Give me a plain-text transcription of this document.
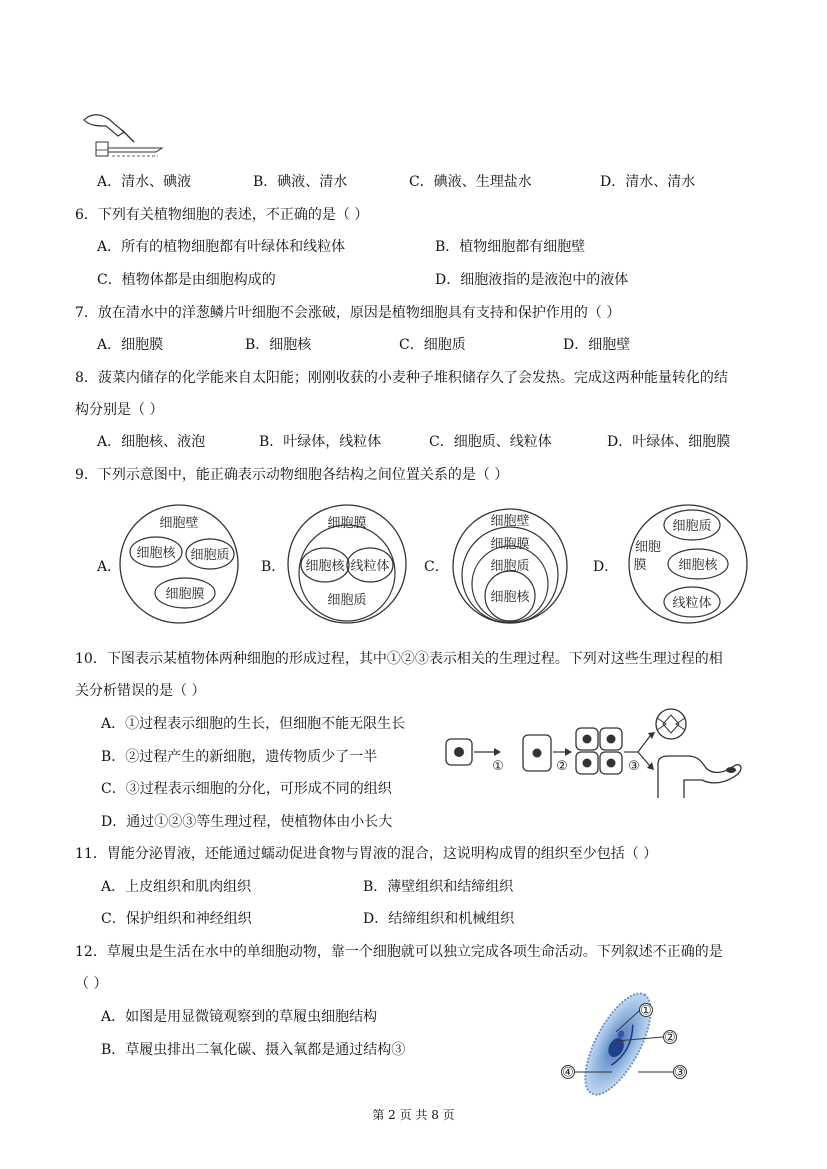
A．清水、碘液	B．碘液、清水	C．碘液、生理盐水	D．清水、清水
6．下列有关植物细胞的表述，不正确的是（ ）
A．所有的植物细胞都有叶绿体和线粒体	B．植物细胞都有细胞壁
C．植物体都是由细胞构成的	D．细胞液指的是液泡中的液体
7．放在清水中的洋葱鳞片叶细胞不会涨破，原因是植物细胞具有支持和保护作用的（ ）
A．细胞膜	B．细胞核	C．细胞质	D．细胞壁
8．菠菜内储存的化学能来自太阳能；刚刚收获的小麦种子堆积储存久了会发热。完成这两种能量转化的结
构分别是（ ）
A．细胞核、液泡	B．叶绿体，线粒体	C．细胞质、线粒体	D．叶绿体、细胞膜
9．下列示意图中，能正确表示动物细胞各结构之间位置关系的是（ ）
A．	B．	C．	D．
细胞壁
细胞核 细胞质
细胞膜
细胞膜
细胞核 线粒体
细胞质
细胞壁
细胞膜
细胞质
细胞核
细胞
膜
细胞质
细胞核
线粒体
10．下图表示某植物体两种细胞的形成过程，其中①②③表示相关的生理过程。下列对这些生理过程的相
关分析错误的是（ ）
A．①过程表示细胞的生长，但细胞不能无限生长
B．②过程产生的新细胞，遗传物质少了一半
C．③过程表示细胞的分化，可形成不同的组织
D．通过①②③等生理过程，使植物体由小长大
①	②	③
11．胃能分泌胃液，还能通过蠕动促进食物与胃液的混合，这说明构成胃的组织至少包括（ ）
A．上皮组织和肌肉组织	B．薄壁组织和结缔组织
C．保护组织和神经组织	D．结缔组织和机械组织
12．草履虫是生活在水中的单细胞动物，靠一个细胞就可以独立完成各项生命活动。下列叙述不正确的是
（ ）
A．如图是用显微镜观察到的草履虫细胞结构
B．草履虫排出二氧化碳、摄入氧都是通过结构③
①
②
③
④
第 2 页 共 8 页
